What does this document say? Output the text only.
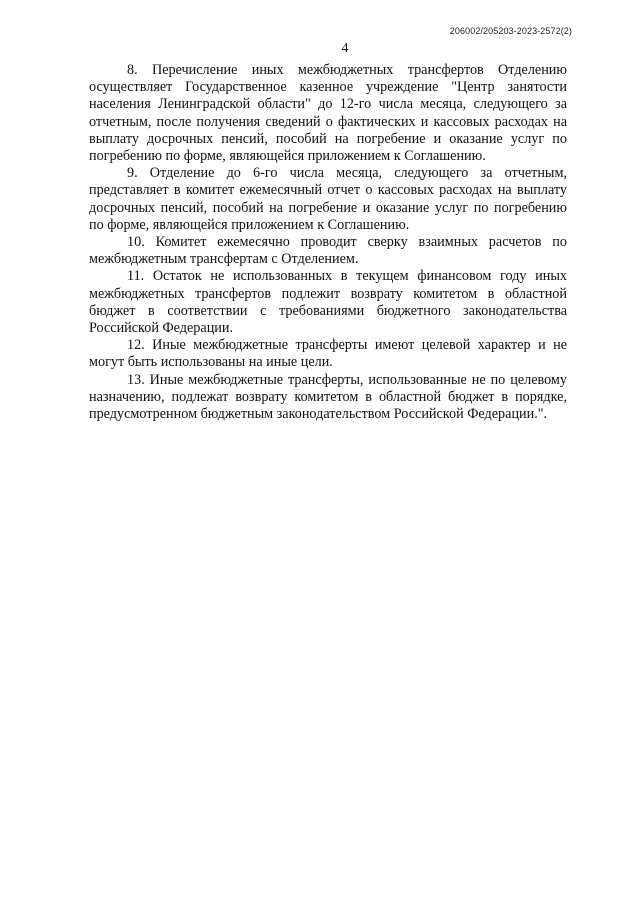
206002/205203-2023-2572(2)
4

8. Перечисление иных межбюджетных трансфертов Отделению осуществляет Государственное казенное учреждение "Центр занятости населения Ленинградской области" до 12-го числа месяца, следующего за отчетным, после получения сведений о фактических и кассовых расходах на выплату досрочных пенсий, пособий на погребение и оказание услуг по погребению по форме, являющейся приложением к Соглашению.

9. Отделение до 6-го числа месяца, следующего за отчетным, представляет в комитет ежемесячный отчет о кассовых расходах на выплату досрочных пенсий, пособий на погребение и оказание услуг по погребению по форме, являющейся приложением к Соглашению.

10. Комитет ежемесячно проводит сверку взаимных расчетов по межбюджетным трансфертам с Отделением.

11. Остаток не использованных в текущем финансовом году иных межбюджетных трансфертов подлежит возврату комитетом в областной бюджет в соответствии с требованиями бюджетного законодательства Российской Федерации.

12. Иные межбюджетные трансферты имеют целевой характер и не могут быть использованы на иные цели.

13. Иные межбюджетные трансферты, использованные не по целевому назначению, подлежат возврату комитетом в областной бюджет в порядке, предусмотренном бюджетным законодательством Российской Федерации.".
